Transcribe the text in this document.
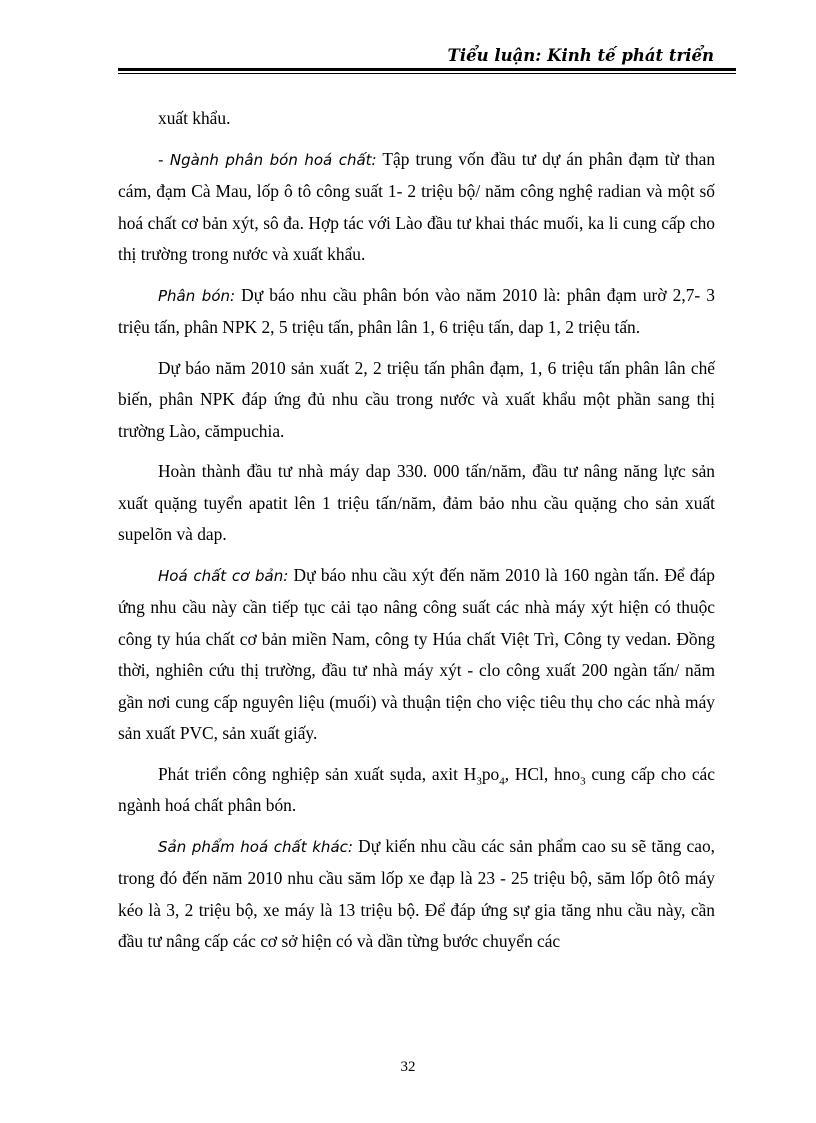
Tiểu luận: Kinh tế phát triển

xuất khẩu.

- Ngành phân bón hoá chất: Tập trung vốn đầu tư dự án phân đạm từ than cám, đạm Cà Mau, lốp ô tô công suất 1- 2 triệu bộ/ năm công nghệ radian và một số hoá chất cơ bản xýt, sô đa. Hợp tác với Lào đầu tư khai thác muối, ka li cung cấp cho thị trường trong nước và xuất khẩu.

Phân bón: Dự báo nhu cầu phân bón vào năm 2010 là: phân đạm urờ 2,7- 3 triệu tấn, phân NPK 2, 5 triệu tấn, phân lân 1, 6 triệu tấn, dap 1, 2 triệu tấn.

Dự báo năm 2010 sản xuất 2, 2 triệu tấn phân đạm, 1, 6 triệu tấn phân lân chế biến, phân NPK đáp ứng đủ nhu cầu trong nước và xuất khẩu một phần sang thị trường Lào, cămpuchia.

Hoàn thành đầu tư nhà máy dap 330. 000 tấn/năm, đầu tư nâng năng lực sản xuất quặng tuyển apatit lên 1 triệu tấn/năm, đảm bảo nhu cầu quặng cho sản xuất supelõn và dap.

Hoá chất cơ bản: Dự báo nhu cầu xýt đến năm 2010 là 160 ngàn tấn. Để đáp ứng nhu cầu này cần tiếp tục cải tạo nâng công suất các nhà máy xýt hiện có thuộc công ty húa chất cơ bản miền Nam, công ty Húa chất Việt Trì, Công ty vedan. Đồng thời, nghiên cứu thị trường, đầu tư nhà máy xýt - clo công xuất 200 ngàn tấn/ năm gần nơi cung cấp nguyên liệu (muối) và thuận tiện cho việc tiêu thụ cho các nhà máy sản xuất PVC, sản xuất giấy.

Phát triển công nghiệp sản xuất sụda, axit $H_3po_4$, HCl, hno$_3$ cung cấp cho các ngành hoá chất phân bón.

Sản phẩm hoá chất khác: Dự kiến nhu cầu các sản phẩm cao su sẽ tăng cao, trong đó đến năm 2010 nhu cầu săm lốp xe đạp là 23 - 25 triệu bộ, săm lốp ôtô máy kéo là 3, 2 triệu bộ, xe máy là 13 triệu bộ. Để đáp ứng sự gia tăng nhu cầu này, cần đầu tư nâng cấp các cơ sở hiện có và dần từng bước chuyển các

32
